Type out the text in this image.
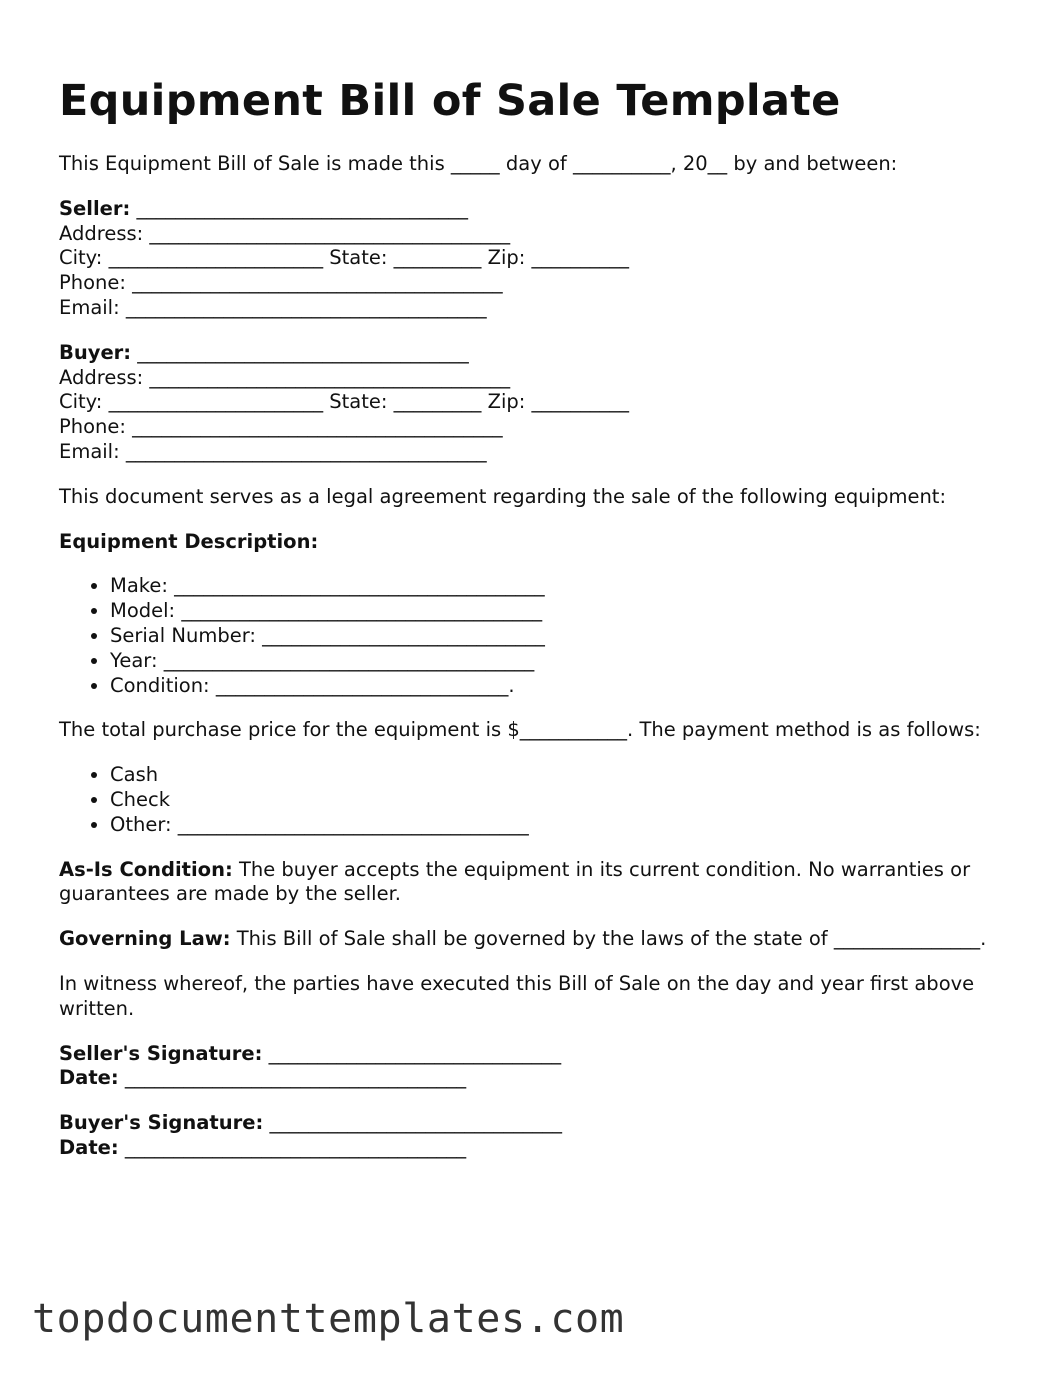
Equipment Bill of Sale Template

This Equipment Bill of Sale is made this _____ day of __________, 20__ by and between:

Seller: __________________________________
Address: _____________________________________
City: ______________________ State: _________ Zip: __________
Phone: ______________________________________
Email: _____________________________________
Buyer: __________________________________
Address: _____________________________________
City: ______________________ State: _________ Zip: __________
Phone: ______________________________________
Email: _____________________________________

This document serves as a legal agreement regarding the sale of the following equipment:

Equipment Description:
• Make: ______________________________________
• Model: _____________________________________
• Serial Number: _____________________________
• Year: ______________________________________
• Condition: ______________________________.

The total purchase price for the equipment is $___________. The payment method is as follows:

• Cash
• Check
• Other: ____________________________________

As-Is Condition: The buyer accepts the equipment in its current condition. No warranties or guarantees are made by the seller.

Governing Law: This Bill of Sale shall be governed by the laws of the state of _______________.

In witness whereof, the parties have executed this Bill of Sale on the day and year first above written.

Seller's Signature: ______________________________
Date: ___________________________________
Buyer's Signature: ______________________________
Date: ___________________________________
topdocumenttemplates.com
